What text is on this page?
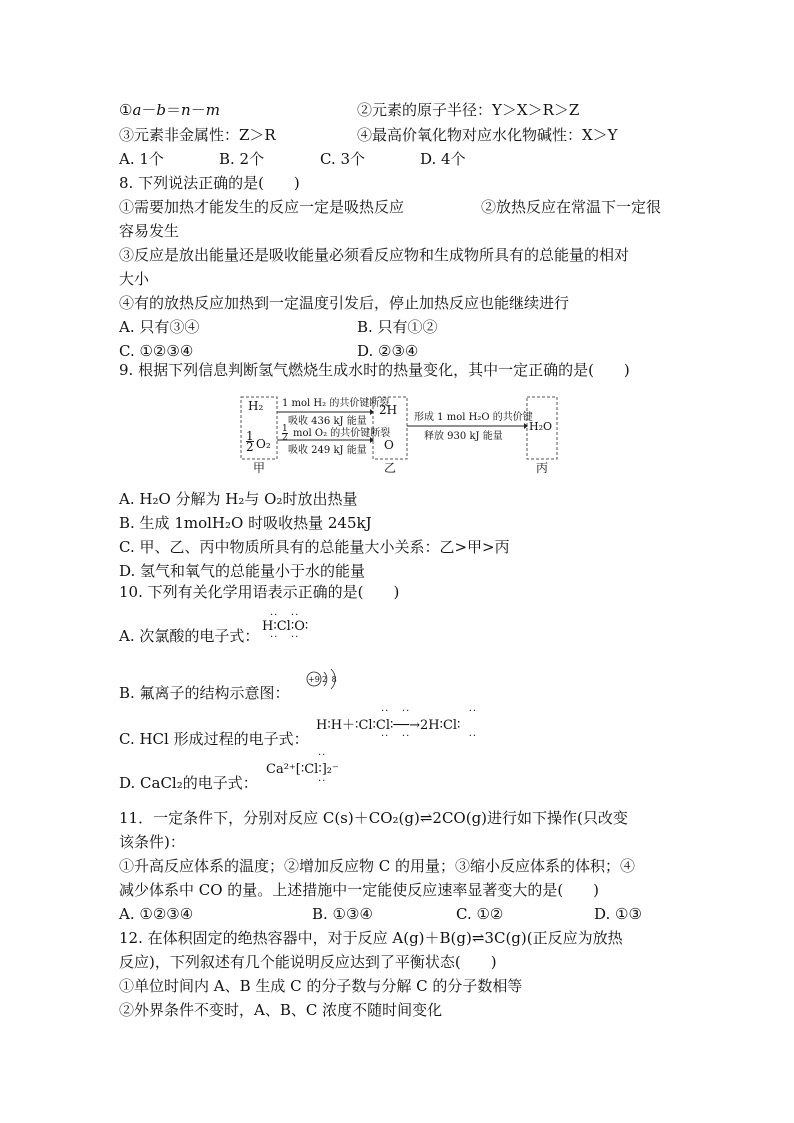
①a－b＝n－m	②元素的原子半径：Y＞X＞R＞Z
③元素非金属性：Z＞R	④最高价氧化物对应水化物碱性：X＞Y
A. 1个	B. 2个	C. 3个	D. 4个
8. 下列说法正确的是(　　)
①需要加热才能发生的反应一定是吸热反应	②放热反应在常温下一定很
容易发生
③反应是放出能量还是吸收能量必须看反应物和生成物所具有的总能量的相对
大小
④有的放热反应加热到一定温度引发后，停止加热反应也能继续进行
A. 只有③④	B. 只有①②
C. ①②③④	D. ②③④
9. 根据下列信息判断氢气燃烧生成水时的热量变化，其中一定正确的是(　　)
H₂
$\frac{1}{2} O_2$
1 mol H₂ 的共价键断裂
吸收 436 kJ 能量
$\frac{1}{2}$ mol O₂ 的共价键断裂
吸收 249 kJ 能量
2H
O
形成 1 mol H₂O 的共价键
释放 930 kJ 能量
H₂O
甲	乙	丙
A. H₂O 分解为 H₂与 O₂时放出热量
B. 生成 1molH₂O 时吸收热量 245kJ
C. 甲、乙、丙中物质所具有的总能量大小关系：乙>甲>丙
D. 氢气和氧气的总能量小于水的能量
10. 下列有关化学用语表示正确的是(　　)
A. 次氯酸的电子式：
··   ··
H∶Cl∶O∶
··   ··
B. 氟离子的结构示意图：
+9 2 8
C. HCl 形成过程的电子式：
··   ··              ··
H∶H＋∶Cl∶Cl∶──→2H∶Cl∶
··   ··              ··
D. CaCl₂的电子式：
··
Ca²⁺[∶Cl∶]₂⁻
··
11．一定条件下，分别对反应 C(s)＋CO₂(g)⇌2CO(g)进行如下操作(只改变
该条件)：
①升高反应体系的温度；②增加反应物 C 的用量；③缩小反应体系的体积；④
减少体系中 CO 的量。上述措施中一定能使反应速率显著变大的是(　　)
A. ①②③④	B. ①③④	C. ①②	D. ①③
12. 在体积固定的绝热容器中，对于反应 A(g)＋B(g)⇌3C(g)(正反应为放热
反应)，下列叙述有几个能说明反应达到了平衡状态(　　)
①单位时间内 A、B 生成 C 的分子数与分解 C 的分子数相等
②外界条件不变时，A、B、C 浓度不随时间变化
